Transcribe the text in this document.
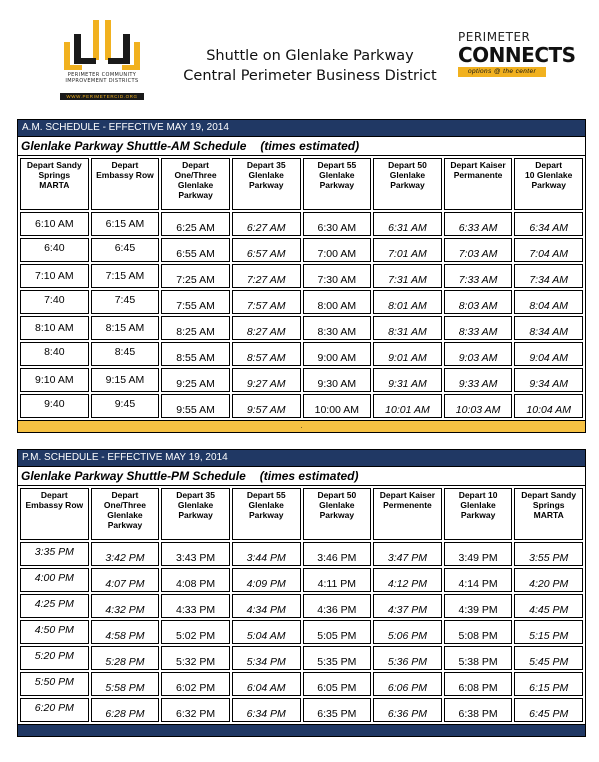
PERIMETER COMMUNITY
IMPROVEMENT DISTRICTS
WWW.PERIMETERCID.ORG
Shuttle on Glenlake Parkway
Central Perimeter Business District
PERIMETER
CONNECTS
options @ the center
A.M. SCHEDULE - EFFECTIVE MAY 19, 2014
Glenlake Parkway Shuttle-AM Schedule (times estimated)
Depart Sandy
Springs
MARTA	Depart
Embassy Row	Depart
One/Three
Glenlake
Parkway	Depart 35
Glenlake
Parkway	Depart 55
Glenlake
Parkway	Depart 50
Glenlake
Parkway	Depart Kaiser
Permanente	Depart
10 Glenlake
Parkway

6:10 AM	6:15 AM	6:25 AM	6:27 AM	6:30 AM	6:31 AM	6:33 AM	6:34 AM
6:40	6:45	6:55 AM	6:57 AM	7:00 AM	7:01 AM	7:03 AM	7:04 AM
7:10 AM	7:15 AM	7:25 AM	7:27 AM	7:30 AM	7:31 AM	7:33 AM	7:34 AM
7:40	7:45	7:55 AM	7:57 AM	8:00 AM	8:01 AM	8:03 AM	8:04 AM
8:10 AM	8:15 AM	8:25 AM	8:27 AM	8:30 AM	8:31 AM	8:33 AM	8:34 AM
8:40	8:45	8:55 AM	8:57 AM	9:00 AM	9:01 AM	9:03 AM	9:04 AM
9:10 AM	9:15 AM	9:25 AM	9:27 AM	9:30 AM	9:31 AM	9:33 AM	9:34 AM
9:40	9:45	9:55 AM	9:57 AM	10:00 AM	10:01 AM	10:03 AM	10:04 AM
.
P.M. SCHEDULE - EFFECTIVE MAY 19, 2014
Glenlake Parkway Shuttle-PM Schedule (times estimated)
Depart
Embassy Row	Depart
One/Three
Glenlake
Parkway	Depart 35
Glenlake
Parkway	Depart 55
Glenlake
Parkway	Depart 50
Glenlake
Parkway	Depart Kaiser
Permenente	Depart 10
Glenlake
Parkway	Depart Sandy
Springs
MARTA

3:35 PM	3:42 PM	3:43 PM	3:44 PM	3:46 PM	3:47 PM	3:49 PM	3:55 PM
4:00 PM	4:07 PM	4:08 PM	4:09 PM	4:11 PM	4:12 PM	4:14 PM	4:20 PM
4:25 PM	4:32 PM	4:33 PM	4:34 PM	4:36 PM	4:37 PM	4:39 PM	4:45 PM
4:50 PM	4:58 PM	5:02 PM	5:04 AM	5:05 PM	5:06 PM	5:08 PM	5:15 PM
5:20 PM	5:28 PM	5:32 PM	5:34 PM	5:35 PM	5:36 PM	5:38 PM	5:45 PM
5:50 PM	5:58 PM	6:02 PM	6:04 AM	6:05 PM	6:06 PM	6:08 PM	6:15 PM
6:20 PM	6:28 PM	6:32 PM	6:34 PM	6:35 PM	6:36 PM	6:38 PM	6:45 PM
